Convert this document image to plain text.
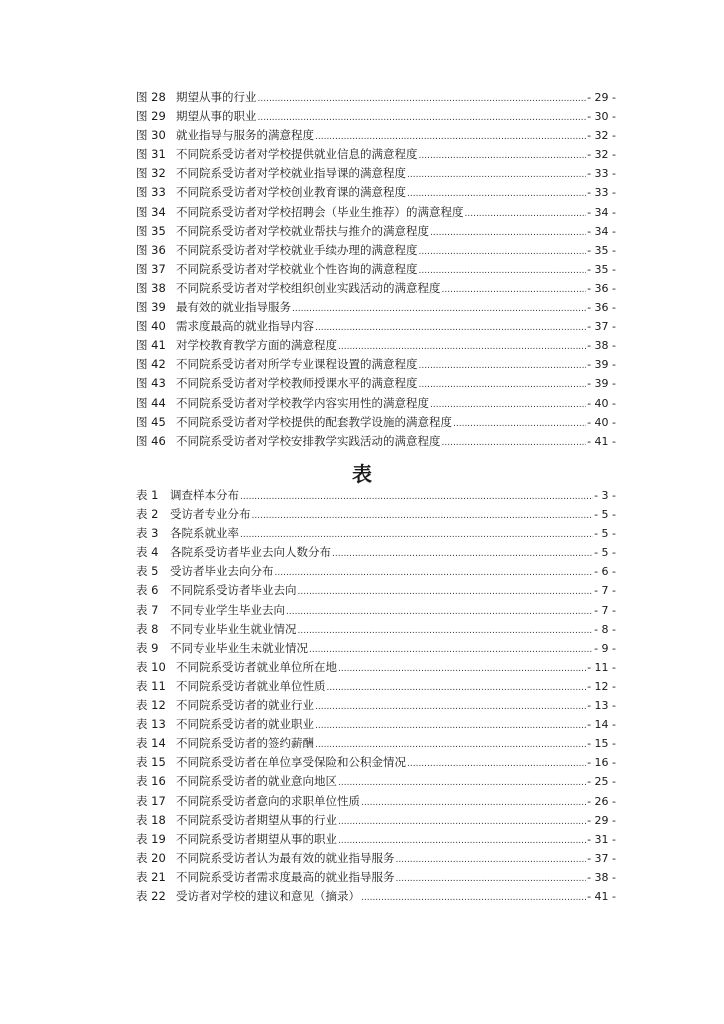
图 28 期望从事的行业 .....	- 29 -
图 29 期望从事的职业 .....	- 30 -
图 30 就业指导与服务的满意程度 .....	- 32 -
图 31 不同院系受访者对学校提供就业信息的满意程度 .....	- 32 -
图 32 不同院系受访者对学校就业指导课的满意程度 .....	- 33 -
图 33 不同院系受访者对学校创业教育课的满意程度 .....	- 33 -
图 34 不同院系受访者对学校招聘会（毕业生推荐）的满意程度 .....	- 34 -
图 35 不同院系受访者对学校就业帮扶与推介的满意程度 .....	- 34 -
图 36 不同院系受访者对学校就业手续办理的满意程度 .....	- 35 -
图 37 不同院系受访者对学校就业个性咨询的满意程度 .....	- 35 -
图 38 不同院系受访者对学校组织创业实践活动的满意程度 .....	- 36 -
图 39 最有效的就业指导服务 .....	- 36 -
图 40 需求度最高的就业指导内容 .....	- 37 -
图 41 对学校教育教学方面的满意程度 .....	- 38 -
图 42 不同院系受访者对所学专业课程设置的满意程度 .....	- 39 -
图 43 不同院系受访者对学校教师授课水平的满意程度 .....	- 39 -
图 44 不同院系受访者对学校教学内容实用性的满意程度 .....	- 40 -
图 45 不同院系受访者对学校提供的配套教学设施的满意程度 .....	- 40 -
图 46 不同院系受访者对学校安排教学实践活动的满意程度 .....	- 41 -
表
表 1	调查样本分布 .....	- 3 -
表 2	受访者专业分布 .....	- 5 -
表 3	各院系就业率 .....	- 5 -
表 4	各院系受访者毕业去向人数分布 .....	- 5 -
表 5	受访者毕业去向分布 .....	- 6 -
表 6	不同院系受访者毕业去向 .....	- 7 -
表 7	不同专业学生毕业去向 .....	- 7 -
表 8	不同专业毕业生就业情况 .....	- 8 -
表 9	不同专业毕业生未就业情况 .....	- 9 -
表 10 不同院系受访者就业单位所在地 .....	- 11 -
表 11 不同院系受访者就业单位性质 .....	- 12 -
表 12 不同院系受访者的就业行业 .....	- 13 -
表 13 不同院系受访者的就业职业 .....	- 14 -
表 14 不同院系受访者的签约薪酬 .....	- 15 -
表 15 不同院系受访者在单位享受保险和公积金情况 .....	- 16 -
表 16 不同院系受访者的就业意向地区 .....	- 25 -
表 17 不同院系受访者意向的求职单位性质 .....	- 26 -
表 18 不同院系受访者期望从事的行业 .....	- 29 -
表 19 不同院系受访者期望从事的职业 .....	- 31 -
表 20 不同院系受访者认为最有效的就业指导服务 .....	- 37 -
表 21 不同院系受访者需求度最高的就业指导服务 .....	- 38 -
表 22 受访者对学校的建议和意见（摘录） .....	- 41 -
